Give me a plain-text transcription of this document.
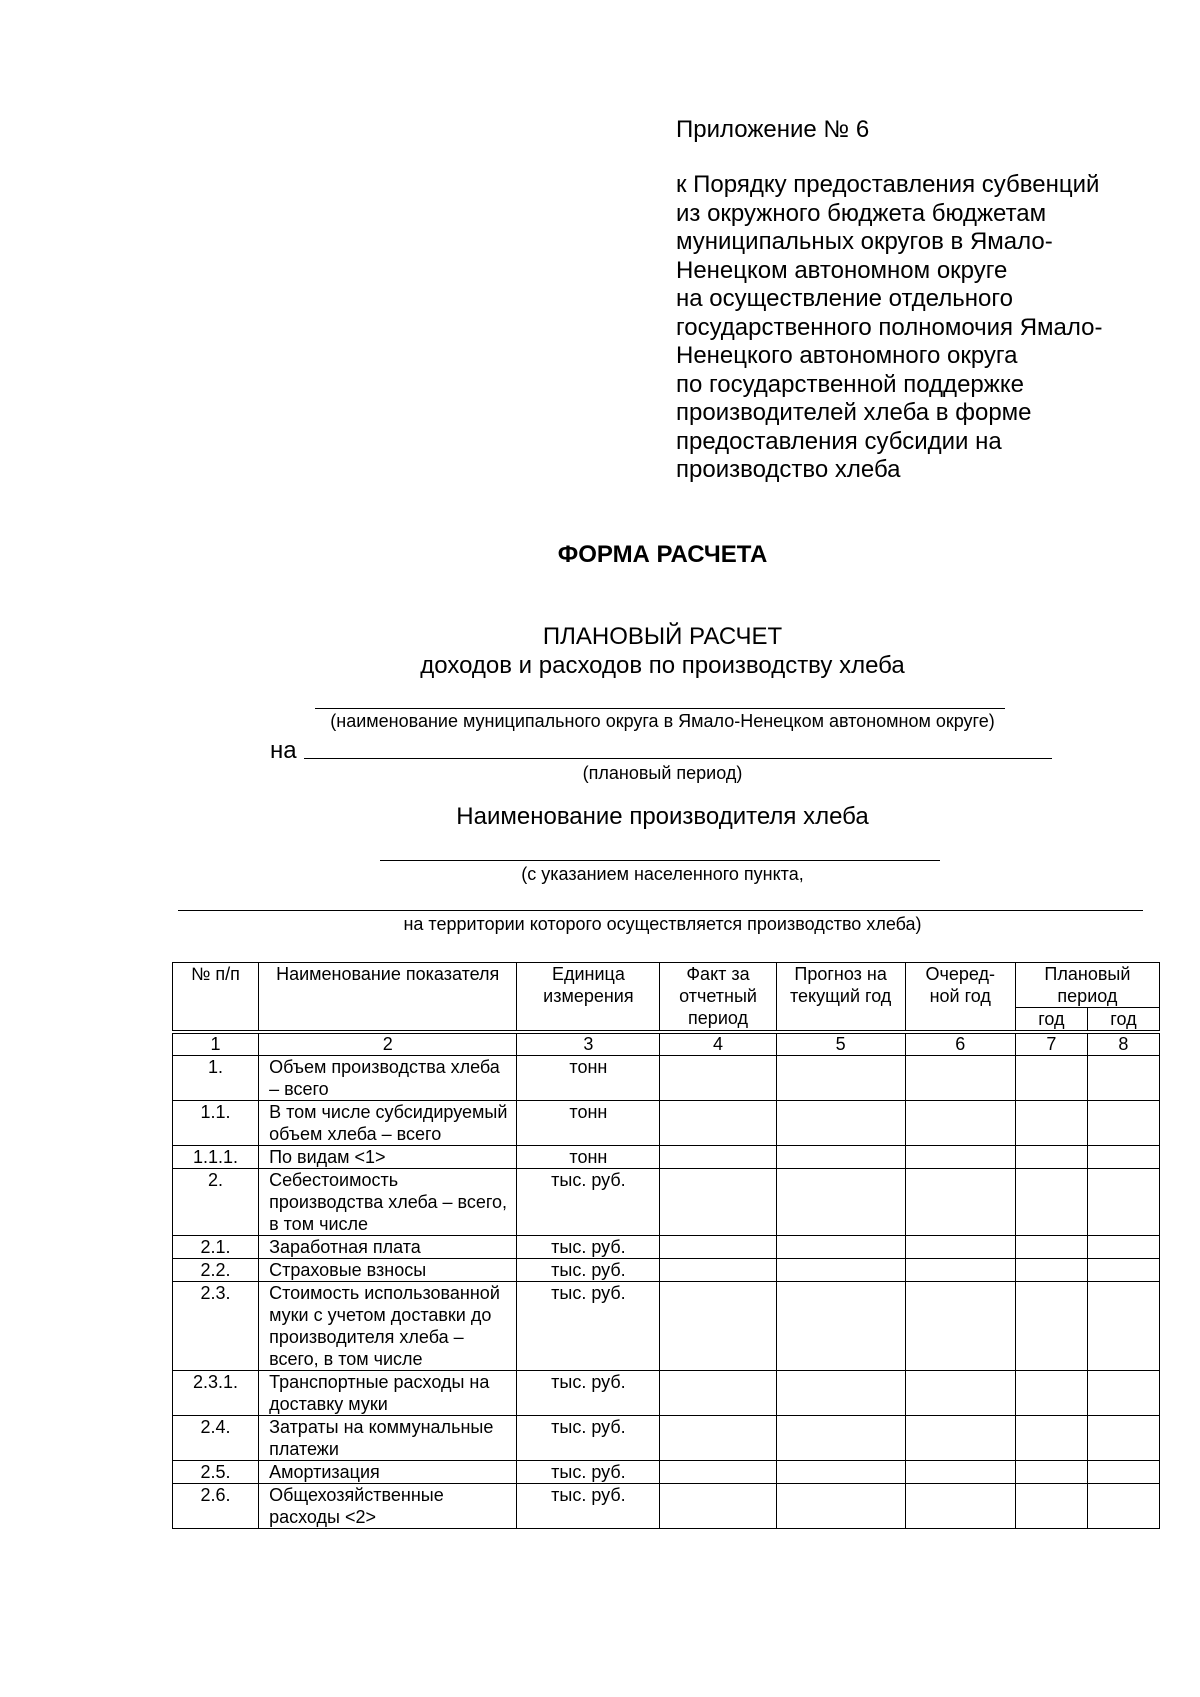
Приложение № 6
к Порядку предоставления субвенций
из окружного бюджета бюджетам
муниципальных округов в Ямало-
Ненецком автономном округе
на осуществление отдельного
государственного полномочия Ямало-
Ненецкого автономного округа
по государственной поддержке
производителей хлеба в форме
предоставления субсидии на
производство хлеба
ФОРМА РАСЧЕТА
ПЛАНОВЫЙ РАСЧЕТ
доходов и расходов по производству хлеба
(наименование муниципального округа в Ямало-Ненецком автономном округе)
на
(плановый период)
Наименование производителя хлеба
(с указанием населенного пункта,
на территории которого осуществляется производство хлеба)
№ п/п	Наименование показателя	Единица измерения	Факт за отчетный период	Прогноз на текущий год	Очеред-ной год	Плановый период	
						год	год

1	2	3	4	5	6	7	8
1.	Объем производства хлеба – всего	тонн					
1.1.	В том числе субсидируемый объем хлеба – всего	тонн					
1.1.1.	По видам <1>	тонн					
2.	Себестоимость производства хлеба – всего, в том числе	тыс. руб.					
2.1.	Заработная плата	тыс. руб.					
2.2.	Страховые взносы	тыс. руб.					
2.3.	Стоимость использованной муки с учетом доставки до производителя хлеба – всего, в том числе	тыс. руб.					
2.3.1.	Транспортные расходы на доставку муки	тыс. руб.					
2.4.	Затраты на коммунальные платежи	тыс. руб.					
2.5.	Амортизация	тыс. руб.					
2.6.	Общехозяйственные расходы <2>	тыс. руб.					
